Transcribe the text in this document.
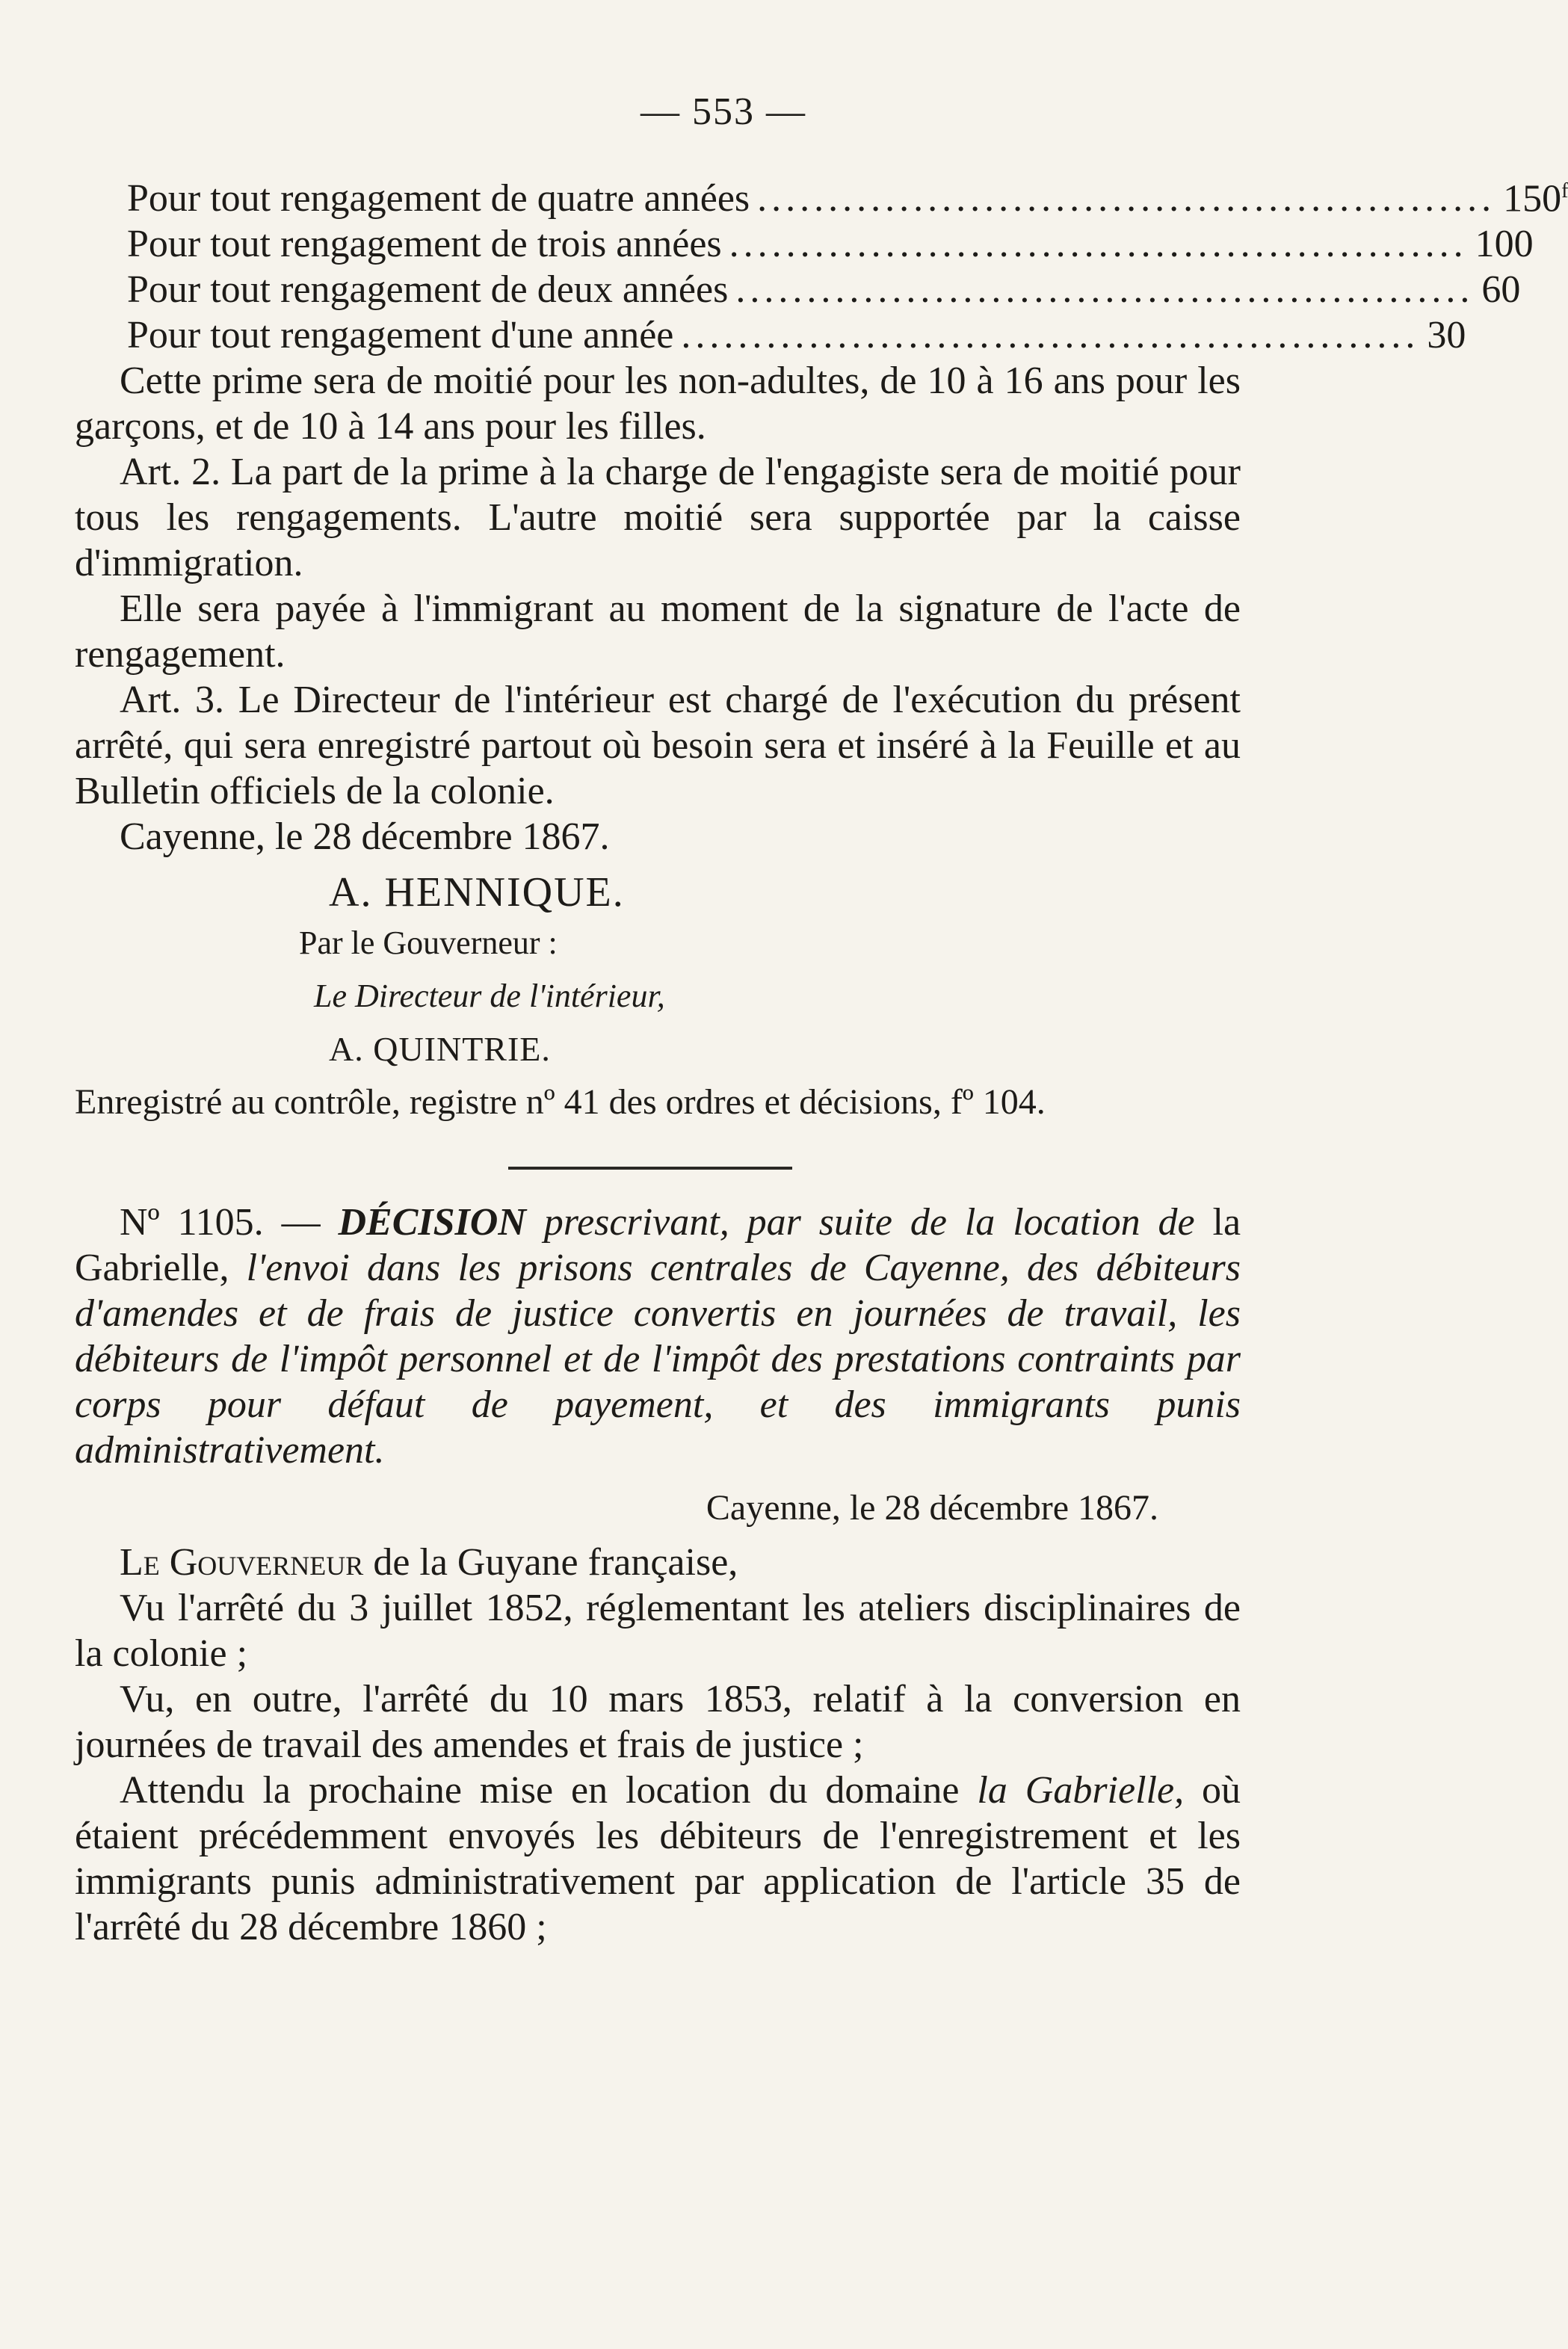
— 553 —
Pour tout rengagement de quatre années .................................................... 150$^f$
Pour tout rengagement de trois années .................................................... 100
Pour tout rengagement de deux années .................................................... 60
Pour tout rengagement d'une année .................................................... 30

Cette prime sera de moitié pour les non-adultes, de 10 à 16 ans pour les garçons, et de 10 à 14 ans pour les filles.

Art. 2. La part de la prime à la charge de l'engagiste sera de moitié pour tous les rengagements. L'autre moitié sera supportée par la caisse d'immigration.

Elle sera payée à l'immigrant au moment de la signature de l'acte de rengagement.

Art. 3. Le Directeur de l'intérieur est chargé de l'exécution du présent arrêté, qui sera enregistré partout où besoin sera et inséré à la Feuille et au Bulletin officiels de la colonie.

Cayenne, le 28 décembre 1867.

A. HENNIQUE.
Par le Gouverneur :
Le Directeur de l'intérieur,
A. QUINTRIE.

Enregistré au contrôle, registre nº 41 des ordres et décisions, fº 104.

Nº 1105. — DÉCISION prescrivant, par suite de la location de la Gabrielle, l'envoi dans les prisons centrales de Cayenne, des débiteurs d'amendes et de frais de justice convertis en journées de travail, les débiteurs de l'impôt personnel et de l'impôt des prestations contraints par corps pour défaut de payement, et des immigrants punis administrativement.

Cayenne, le 28 décembre 1867.

Le Gouverneur de la Guyane française,

Vu l'arrêté du 3 juillet 1852, réglementant les ateliers disciplinaires de la colonie ;

Vu, en outre, l'arrêté du 10 mars 1853, relatif à la conversion en journées de travail des amendes et frais de justice ;

Attendu la prochaine mise en location du domaine la Gabrielle, où étaient précédemment envoyés les débiteurs de l'enregistrement et les immigrants punis administrativement par application de l'article 35 de l'arrêté du 28 décembre 1860 ;
